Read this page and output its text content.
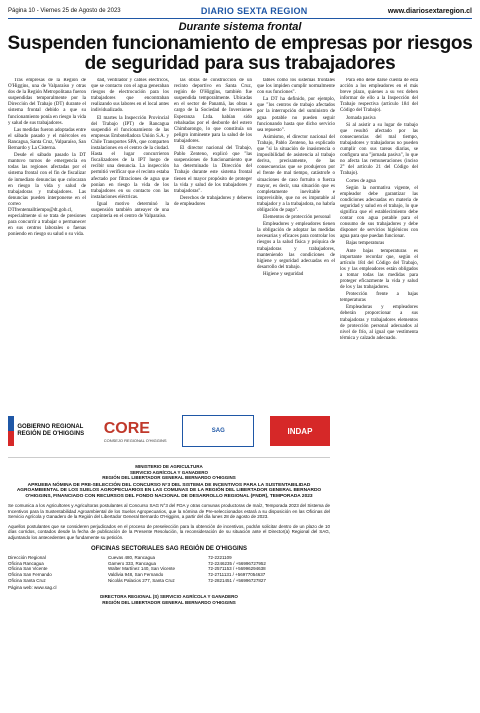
Página 10 - Viernes 25 de Agosto de 2023	DIARIO SEXTA REGION	www.diariosextaregion.cl
Durante sistema frontal
Suspenden funcionamiento de empresas por riesgos de seguridad para sus trabajadores

Tras empresas de la Región de O'Higgins, una de Valparaíso y otras dos de la Región Metropolitana fueron suspendidas temporalmente por la Dirección del Trabajo (DT) durante el sistema frontal debido a que su funcionamiento ponía en riesgo la vida y salud de sus trabajadores.

Las medidas fueron adoptadas entre el sábado pasado y el miércoles en Rancagua, Santa Cruz, Valparaíso, San Bernardo y La Cisterna.

Desde el sábado pasado la DT mantuvo turnos de emergencia en todas las regiones afectadas por el sistema frontal con el fin de fiscalizar de inmediato denuncias que colocaran en riesgo la vida y salud de trabajadoras y trabajadores. Las denuncias pueden interponerse en el correo DTfrentemalltiempo@dt.gob.cl, especialmente si se trata de presiones para concurrir a trabajar o permanecer en sus centros laborales o faenas poniendo en riesgo su salud o su vida.

dad, ventilador y cables eléctricos, que se contacto con el agua generaban riesgos de electrocución para los trabajadores que encontraban realizando sus labores en el local antes individualizado.

El martes la Inspección Provincial del Trabajo (IPT) de Rancagua suspendió el funcionamiento de las empresas Embotelladora Unión S.A. y Chile Transportes SPA, que comparten instalaciones en el centro de la ciudad. Hasta el lugar concurrieron fiscalizadores de la IPT luego de recibir una denuncia. La inspección permitió verificar que el recinto estaba afectado por filtraciones de agua que ponían en riesgo la vida de los trabajadores en su contacto con las instalaciones eléctricas.

Igual motivo determinó la suspensión también anteayer de una carpintería en el centro de Valparaíso.

las obras de construcción de un recinto deportivo en Santa Cruz, región de O'Higgins, también fue suspendida temporalmente. Ubicadas en el sector de Panamá, las obras a cargo de la Sociedad de Inversiones Esperanza Ltda. habían sido rebalsadas por el desborde del estero Chimbarongo, lo que constituía un peligro inminente para la salud de los trabajadores.

El director nacional del Trabajo, Pablo Zenteno, explicó que "las suspensiones de funcionamiento que ha determinado la Dirección del Trabajo durante este sistema frontal tienen el mayor propósito de proteger la vida y salud de los trabajadores y trabajadoras".

Derechos de trabajadores y deberes de empleadores

tables como los sistemas frontales que los impiden cumplir normalmente con sus funciones".

La DT ha definido, por ejemplo, que "los centros de trabajo afectados por la interrupción del suministro de agua potable no pueden seguir funcionando hasta que dicho servicio sea repuesto".

Asimismo, el director nacional del Trabajo, Pablo Zenteno, ha explicado que "si la situación de inasistencia o imposibilidad de asistencia al trabajo deriva, precisamente, de las consecuencias que se produjeron por el frente de mal tiempo, catástrofe o situaciones de caso fortuito o fuerza mayor, es decir, una situación que es completamente inevitable e imprevisible, que no es imputable al trabajador y a la trabajadora, no habría obligación de pago".

Elementos de protección personal

Empleadores y empleadores tienen la obligación de adoptar las medidas necesarias y eficaces para controlar los riesgos a la salud física y psíquica de trabajadoras y trabajadores, manteniendo las condiciones de higiene y seguridad adecuadas en el desarrollo del trabajo.

Higiene y seguridad

Para ello debe darse cuenta de esta acción a los empleadores en el más breve plazo, quienes a su vez deben informar de ello a la Inspección del Trabajo respectiva (artículo 184 del Código del Trabajo).

Jornada pasiva

Si al asistir a su lugar de trabajo que resultó afectado por las consecuencias del mal tiempo, trabajadores y trabajadoras no pueden cumplir con sus tareas diarias, se configura una "jornada pasiva", lo que no afecta las remuneraciones (inciso 2° del artículo 21 del Código del Trabajo).

Cortes de agua

Según la normativa vigente, el empleador debe garantizar las condiciones adecuadas en materia de seguridad y salud en el trabajo, lo que significa que el establecimiento debe contar con agua potable para el consumo de sus trabajadores y debe disponer de servicios higiénicos con agua para que puedan funcionar.

Bajas temperaturas

Ante bajas temperaturas es importante recordar que, según el artículo 184 del Código del Trabajo, los y las empleadores están obligados a tomar todas las medidas para proteger eficazmente la vida y salud de los y las trabajadores.

Protección frente a bajas temperaturas

Empleadoras y empleadores deberán proporcionar a sus trabajadoras y trabajadores elementos de protección personal adecuados al nivel de frío, al igual que vestimenta térmica y calzado adecuado.

GOBIERNO REGIONAL REGIÓN DE O'HIGGINS CORE
CONSEJO REGIONAL O'HIGGINS
SAG	INDAP
MINISTERIO DE AGRICULTURA
SERVICIO AGRÍCOLA Y GANADERO
REGIÓN DEL LIBERTADOR GENERAL BERNARDO O'HIGGINS
APRUEBA NÓMINA DE PRE-SELECCIÓN DEL CONCURSO N°3 DEL SISTEMA DE INCENTIVOS PARA LA SUSTENTABILIDAD AGROAMBIENTAL DE LOS SUELOS AGROPECUARIOS EN LAS COMUNAS DE LA REGIÓN DEL LIBERTADOR GENERAL BERNARDO O'HIGGINS, FINANCIADO CON RECURSOS DEL FONDO NACIONAL DE DESARROLLO REGIONAL (FNDR), TEMPORADA 2023
Se comunica a los Agricultores y Agricultoras postulantes al Concurso SAG N°3 del FDA y otras comunas productoras de maíz, Temporada 2023 del Sistema de Incentivos para la Sustentabilidad Agroambiental de los Suelos Agropecuarios, que la nómina de Pre-seleccionados estará a su disposición en las Oficinas del Servicio Agrícola y Ganadero de la Región del Libertador General Bernardo O'Higgins, a partir del día lunes 28 de agosto de 2023.
Aquellos postulantes que se consideren perjudicados en el proceso de preselección para la obtención de incentivos, podrán solicitar dentro de un plazo de 10 días corridos, contados desde la fecha de publicación de la Presente Resolución, la reconsideración de su situación ante el Director(a) Regional del SAG, adjuntando los antecedentes que fundamente su petición.
OFICINAS SECTORIALES SAG REGIÓN DE O'HIGGINS
Dirección Regional	Cuevas 480, Rancagua	72-2221109
Oficina Rancagua	Gamero 333, Rancagua	72-2246235 / +56996727952
Oficina San Vicente	Walter Martínez 140, San Vicente	72-2571153 / +56996294638
Oficina San Fernando	Valdivia 948, San Fernando	72-2711131 / +56977054637
Oficina Santa Cruz	Nicolás Palacios 277, Santa Cruz	72-2821451 / +56996727827
Página web: www.sag.cl
DIRECTORA REGIONAL (S) SERVICIO AGRÍCOLA Y GANADERO
REGIÓN DEL LIBERTADOR GENERAL BERNARDO O'HIGGINS
